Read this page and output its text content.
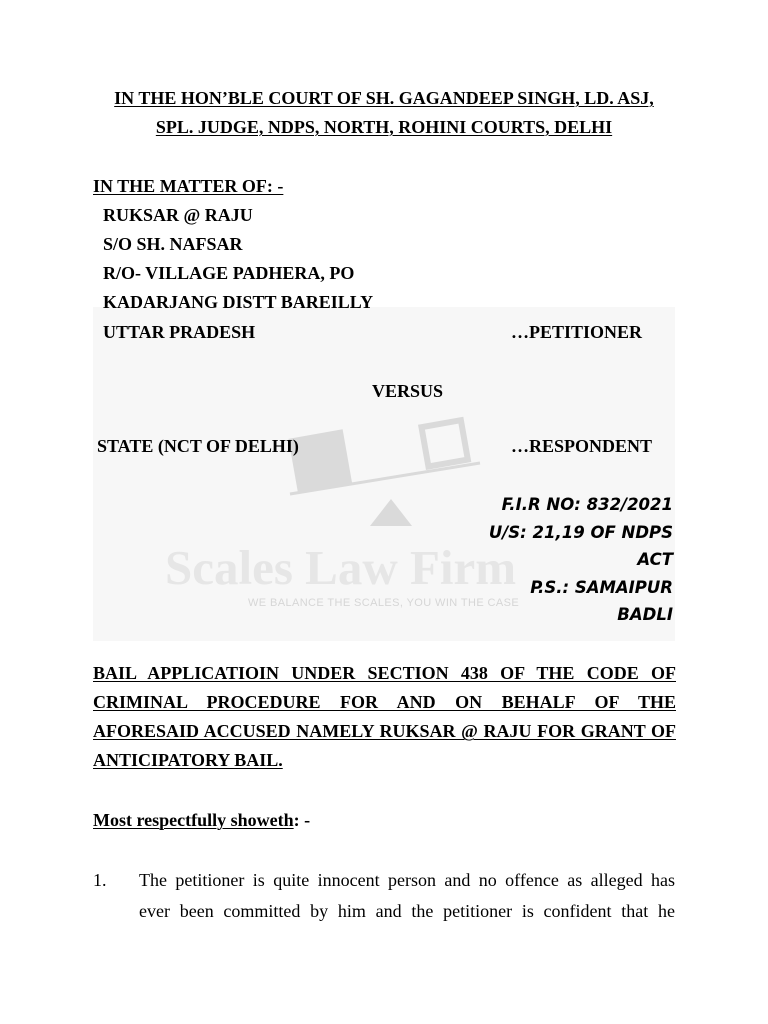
Scales Law Firm
WE BALANCE THE SCALES, YOU WIN THE CASE
IN THE HON’BLE COURT OF SH. GAGANDEEP SINGH, LD. ASJ,
SPL. JUDGE, NDPS, NORTH, ROHINI COURTS, DELHI
IN THE MATTER OF: -
RUKSAR @ RAJU
S/O SH. NAFSAR
R/O- VILLAGE PADHERA, PO
KADARJANG DISTT BAREILLY
UTTAR PRADESH	…PETITIONER
VERSUS
STATE (NCT OF DELHI)	…RESPONDENT
F.I.R NO: 832/2021
U/S: 21,19 OF NDPS
ACT
P.S.: SAMAIPUR
BADLI
BAIL APPLICATIOIN UNDER SECTION 438 OF THE CODE OF
CRIMINAL PROCEDURE FOR AND ON BEHALF OF THE
AFORESAID ACCUSED NAMELY RUKSAR @ RAJU FOR GRANT OF
ANTICIPATORY BAIL.
Most respectfully showeth: -
1. The petitioner is quite innocent person and no offence as alleged has
ever been committed by him and the petitioner is confident that he
